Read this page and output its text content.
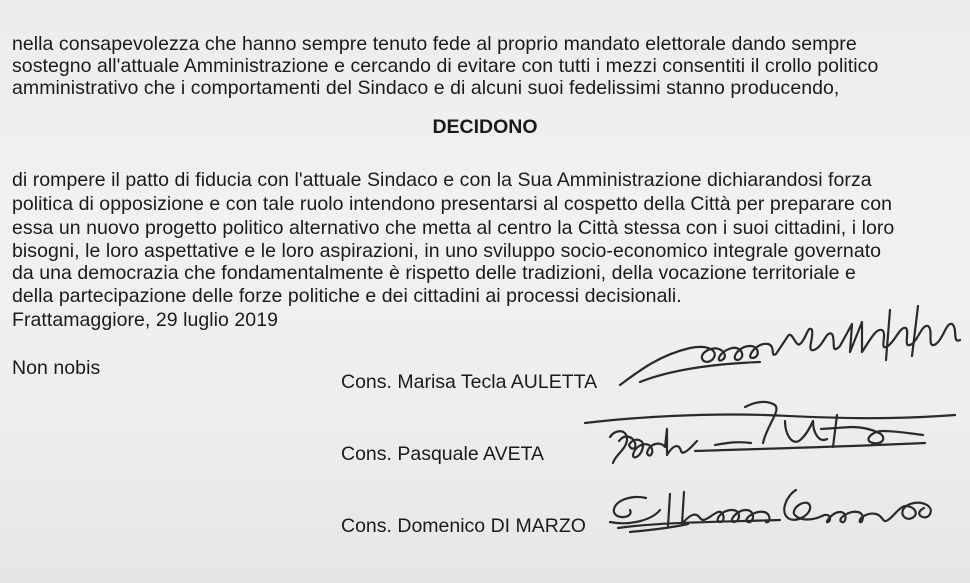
nella consapevolezza che hanno sempre tenuto fede al proprio mandato elettorale dando sempre
sostegno all'attuale Amministrazione e cercando di evitare con tutti i mezzi consentiti il crollo politico
amministrativo che i comportamenti del Sindaco e di alcuni suoi fedelissimi stanno producendo,
DECIDONO
di rompere il patto di fiducia con l'attuale Sindaco e con la Sua Amministrazione dichiarandosi forza
politica di opposizione e con tale ruolo intendono presentarsi al cospetto della Città per preparare con
essa un nuovo progetto politico alternativo che metta al centro la Città stessa con i suoi cittadini, i loro
bisogni, le loro aspettative e le loro aspirazioni, in uno sviluppo socio-economico integrale governato
da una democrazia che fondamentalmente è rispetto delle tradizioni, della vocazione territoriale e
della partecipazione delle forze politiche e dei cittadini ai processi decisionali.
Frattamaggiore, 29 luglio 2019
Non nobis
Cons. Marisa Tecla AULETTA
Cons. Pasquale AVETA
Cons. Domenico DI MARZO
